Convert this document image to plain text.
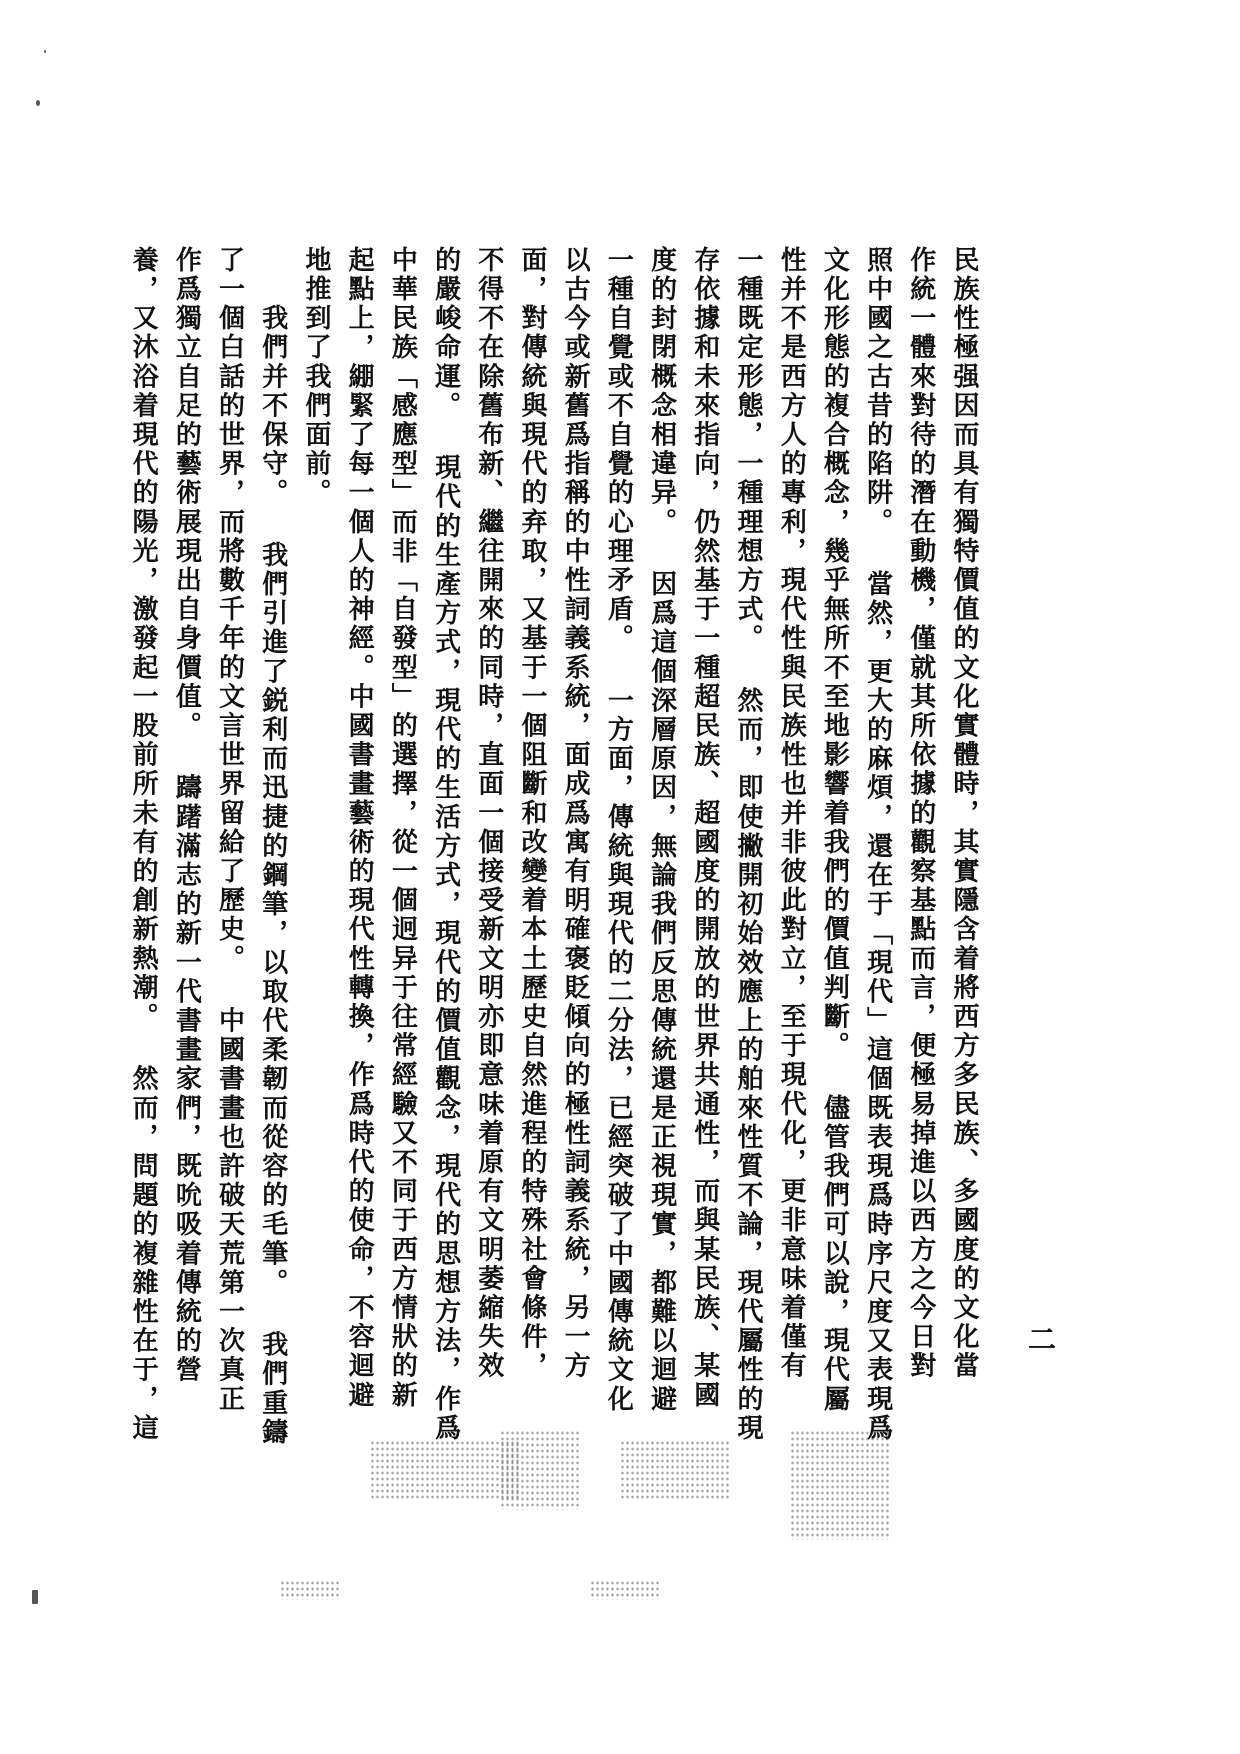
民族性極强因而具有獨特價值的文化實體時，其實隱含着將西方多民族、多國度的文化當
作統一體來對待的潛在動機，僅就其所依據的觀察基點而言，便極易掉進以西方之今日對
照中國之古昔的陷阱。 當然，更大的麻煩，還在于「現代」這個既表現爲時序尺度又表現爲
文化形態的複合概念，幾乎無所不至地影響着我們的價值判斷。 儘管我們可以說，現代屬
性并不是西方人的專利，現代性與民族性也并非彼此對立，至于現代化，更非意味着僅有
一種既定形態，一種理想方式。 然而，即使撇開初始效應上的舶來性質不論，現代屬性的現
存依據和未來指向，仍然基于一種超民族、超國度的開放的世界共通性，而與某民族、某國
度的封閉概念相違异。 因爲這個深層原因，無論我們反思傳統還是正視現實，都難以迴避
一種自覺或不自覺的心理矛盾。 一方面，傳統與現代的二分法，已經突破了中國傳統文化
以古今或新舊爲指稱的中性詞義系統，面成爲寓有明確褒貶傾向的極性詞義系統，另一方
面，對傳統與現代的弃取，又基于一個阻斷和改變着本土歷史自然進程的特殊社會條件，
不得不在除舊布新、繼往開來的同時，直面一個接受新文明亦即意味着原有文明萎縮失效
的嚴峻命運。 現代的生產方式，現代的生活方式，現代的價值觀念，現代的思想方法，作爲
中華民族「感應型」而非「自發型」的選擇，從一個迥异于往常經驗又不同于西方情狀的新
起點上，綳緊了每一個人的神經。中國書畫藝術的現代性轉換，作爲時代的使命，不容迴避
地推到了我們面前。
　　我們并不保守。 我們引進了鋭利而迅捷的鋼筆，以取代柔韌而從容的毛筆。 我們重鑄
了一個白話的世界，而將數千年的文言世界留給了歷史。 中國書畫也許破天荒第一次真正
作爲獨立自足的藝術展現出自身價值。 躊躇滿志的新一代書畫家們，既吮吸着傳統的營
養，又沐浴着現代的陽光，激發起一股前所未有的創新熱潮。 然而，問題的複雜性在于，這	二
